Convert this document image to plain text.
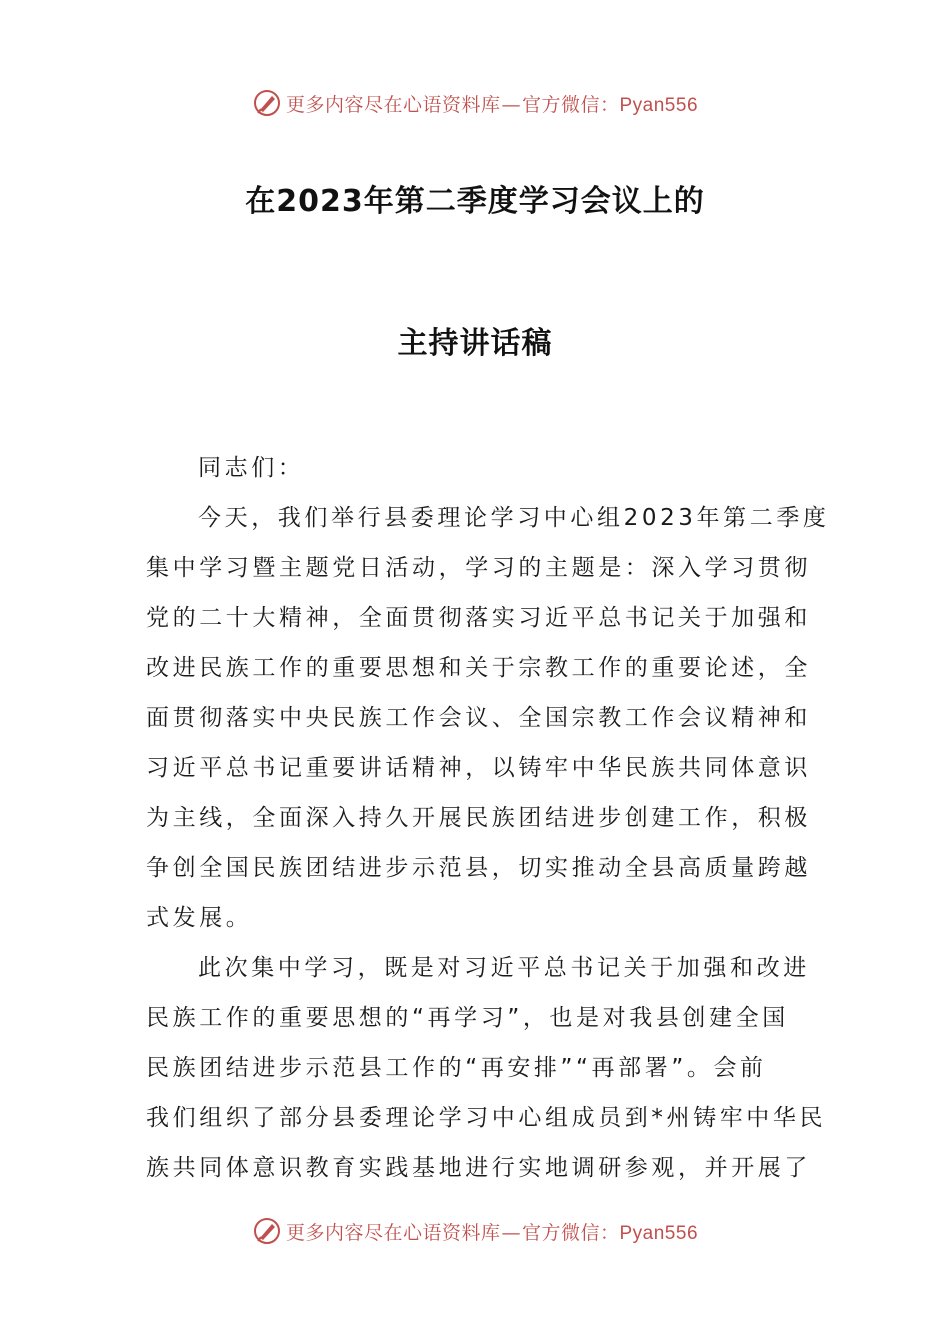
更多内容尽在心语资料库—官方微信：Pyan556
在2023年第二季度学习会议上的
主持讲话稿
同志们：
今天，我们举行县委理论学习中心组2023年第二季度
集中学习暨主题党日活动，学习的主题是：深入学习贯彻
党的二十大精神，全面贯彻落实习近平总书记关于加强和
改进民族工作的重要思想和关于宗教工作的重要论述，全
面贯彻落实中央民族工作会议、全国宗教工作会议精神和
习近平总书记重要讲话精神，以铸牢中华民族共同体意识
为主线，全面深入持久开展民族团结进步创建工作，积极
争创全国民族团结进步示范县，切实推动全县高质量跨越
式发展。
此次集中学习，既是对习近平总书记关于加强和改进
民族工作的重要思想的“再学习”，也是对我县创建全国
民族团结进步示范县工作的“再安排”“再部署”。会前
我们组织了部分县委理论学习中心组成员到*州铸牢中华民
族共同体意识教育实践基地进行实地调研参观，并开展了
更多内容尽在心语资料库—官方微信：Pyan556
